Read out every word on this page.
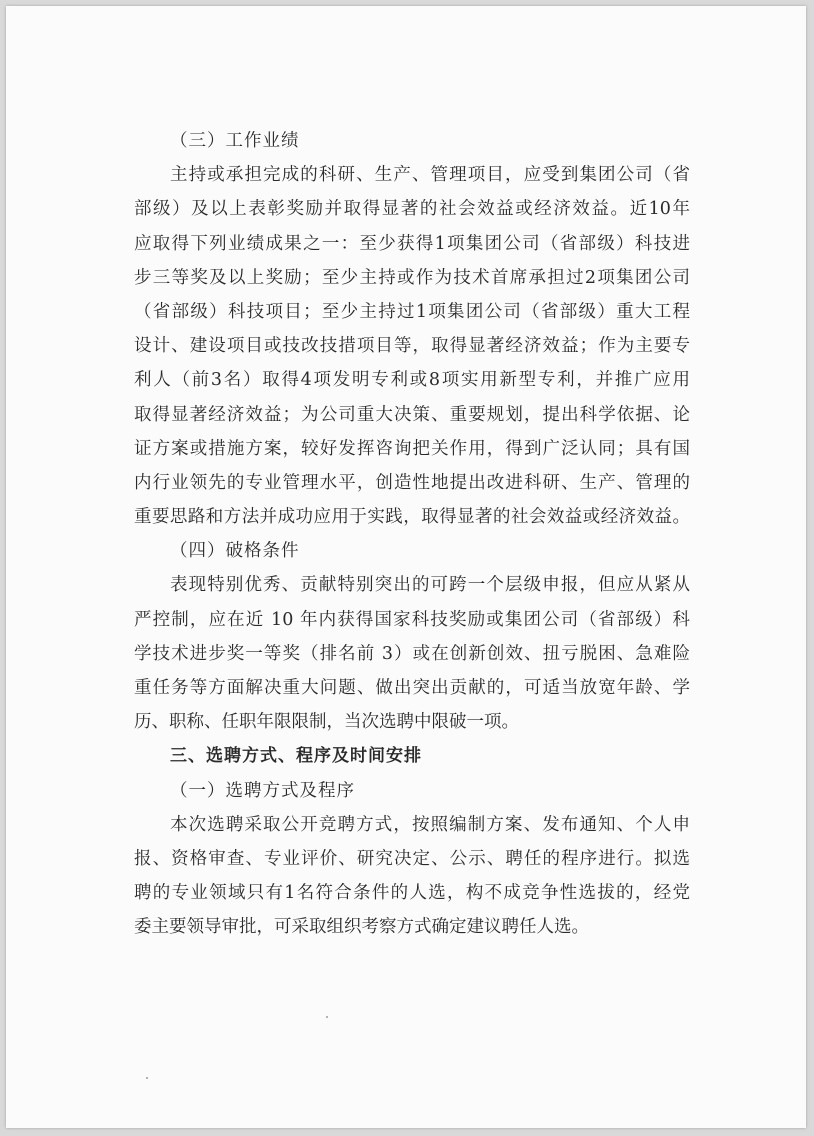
（三）工作业绩
主持或承担完成的科研、生产、管理项目，应受到集团公司（省
部级）及以上表彰奖励并取得显著的社会效益或经济效益。近10年
应取得下列业绩成果之一：至少获得1项集团公司（省部级）科技进
步三等奖及以上奖励；至少主持或作为技术首席承担过2项集团公司
（省部级）科技项目；至少主持过1项集团公司（省部级）重大工程
设计、建设项目或技改技措项目等，取得显著经济效益；作为主要专
利人（前3名）取得4项发明专利或8项实用新型专利，并推广应用
取得显著经济效益；为公司重大决策、重要规划，提出科学依据、论
证方案或措施方案，较好发挥咨询把关作用，得到广泛认同；具有国
内行业领先的专业管理水平，创造性地提出改进科研、生产、管理的
重要思路和方法并成功应用于实践，取得显著的社会效益或经济效益。
（四）破格条件
表现特别优秀、贡献特别突出的可跨一个层级申报，但应从紧从
严控制，应在近 10 年内获得国家科技奖励或集团公司（省部级）科
学技术进步奖一等奖（排名前 3）或在创新创效、扭亏脱困、急难险
重任务等方面解决重大问题、做出突出贡献的，可适当放宽年龄、学
历、职称、任职年限限制，当次选聘中限破一项。
三、选聘方式、程序及时间安排
（一）选聘方式及程序
本次选聘采取公开竞聘方式，按照编制方案、发布通知、个人申
报、资格审查、专业评价、研究决定、公示、聘任的程序进行。拟选
聘的专业领域只有1名符合条件的人选，构不成竞争性选拔的，经党
委主要领导审批，可采取组织考察方式确定建议聘任人选。
